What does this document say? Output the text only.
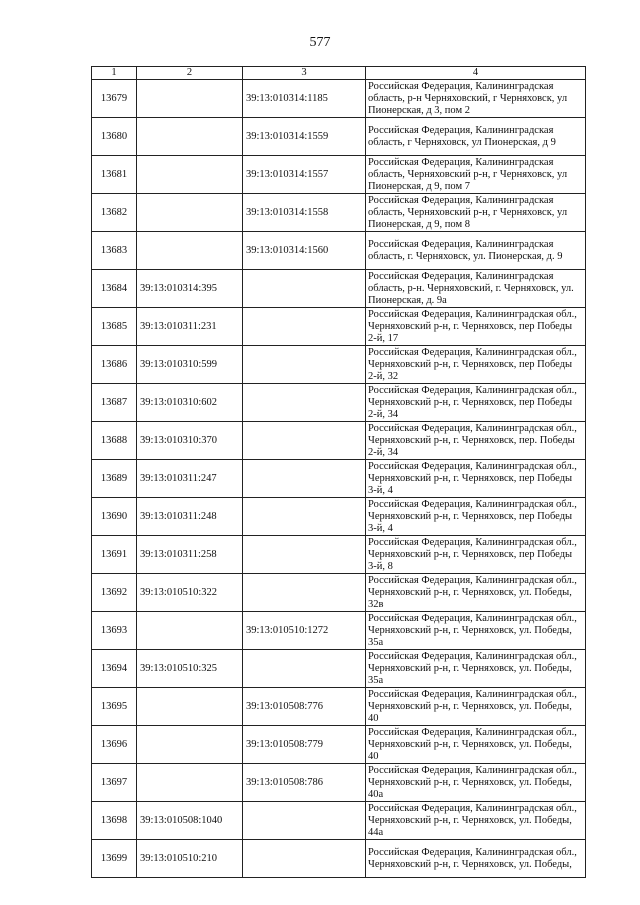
577
1	2	3	4

13679		39:13:010314:1185	Российская Федерация, Калининградская область, р-н Черняховский, г Черняховск, ул Пионерская, д 3, пом 2

13680		39:13:010314:1559	Российская Федерация, Калининградская область, г Черняховск, ул Пионерская, д 9

13681		39:13:010314:1557	Российская Федерация, Калининградская область, Черняховский р-н, г Черняховск, ул Пионерская, д 9, пом 7

13682		39:13:010314:1558	Российская Федерация, Калининградская область, Черняховский р-н, г Черняховск, ул Пионерская, д 9, пом 8

13683		39:13:010314:1560	Российская Федерация, Калининградская область, г. Черняховск, ул. Пионерская, д. 9

13684	39:13:010314:395		Российская Федерация, Калининградская область, р-н. Черняховский, г. Черняховск, ул. Пионерская, д. 9а

13685	39:13:010311:231		Российская Федерация, Калининградская обл., Черняховский р-н, г. Черняховск, пер Победы 2-й, 17

13686	39:13:010310:599		Российская Федерация, Калининградская обл., Черняховский р-н, г. Черняховск, пер Победы 2-й, 32

13687	39:13:010310:602		Российская Федерация, Калининградская обл., Черняховский р-н, г. Черняховск, пер Победы 2-й, 34

13688	39:13:010310:370		Российская Федерация, Калининградская обл., Черняховский р-н, г. Черняховск, пер. Победы 2-й, 34

13689	39:13:010311:247		Российская Федерация, Калининградская обл., Черняховский р-н, г. Черняховск, пер Победы 3-й, 4

13690	39:13:010311:248		Российская Федерация, Калининградская обл., Черняховский р-н, г. Черняховск, пер Победы 3-й, 4

13691	39:13:010311:258		Российская Федерация, Калининградская обл., Черняховский р-н, г. Черняховск, пер Победы 3-й, 8

13692	39:13:010510:322		Российская Федерация, Калининградская обл., Черняховский р-н, г. Черняховск, ул. Победы, 32в

13693		39:13:010510:1272	Российская Федерация, Калининградская обл., Черняховский р-н, г. Черняховск, ул. Победы, 35а

13694	39:13:010510:325		Российская Федерация, Калининградская обл., Черняховский р-н, г. Черняховск, ул. Победы, 35а

13695		39:13:010508:776	Российская Федерация, Калининградская обл., Черняховский р-н, г. Черняховск, ул. Победы, 40

13696		39:13:010508:779	Российская Федерация, Калининградская обл., Черняховский р-н, г. Черняховск, ул. Победы, 40

13697		39:13:010508:786	Российская Федерация, Калининградская обл., Черняховский р-н, г. Черняховск, ул. Победы, 40а

13698	39:13:010508:1040		Российская Федерация, Калининградская обл., Черняховский р-н, г. Черняховск, ул. Победы, 44а

13699	39:13:010510:210		Российская Федерация, Калининградская обл., Черняховский р-н, г. Черняховск, ул. Победы,
